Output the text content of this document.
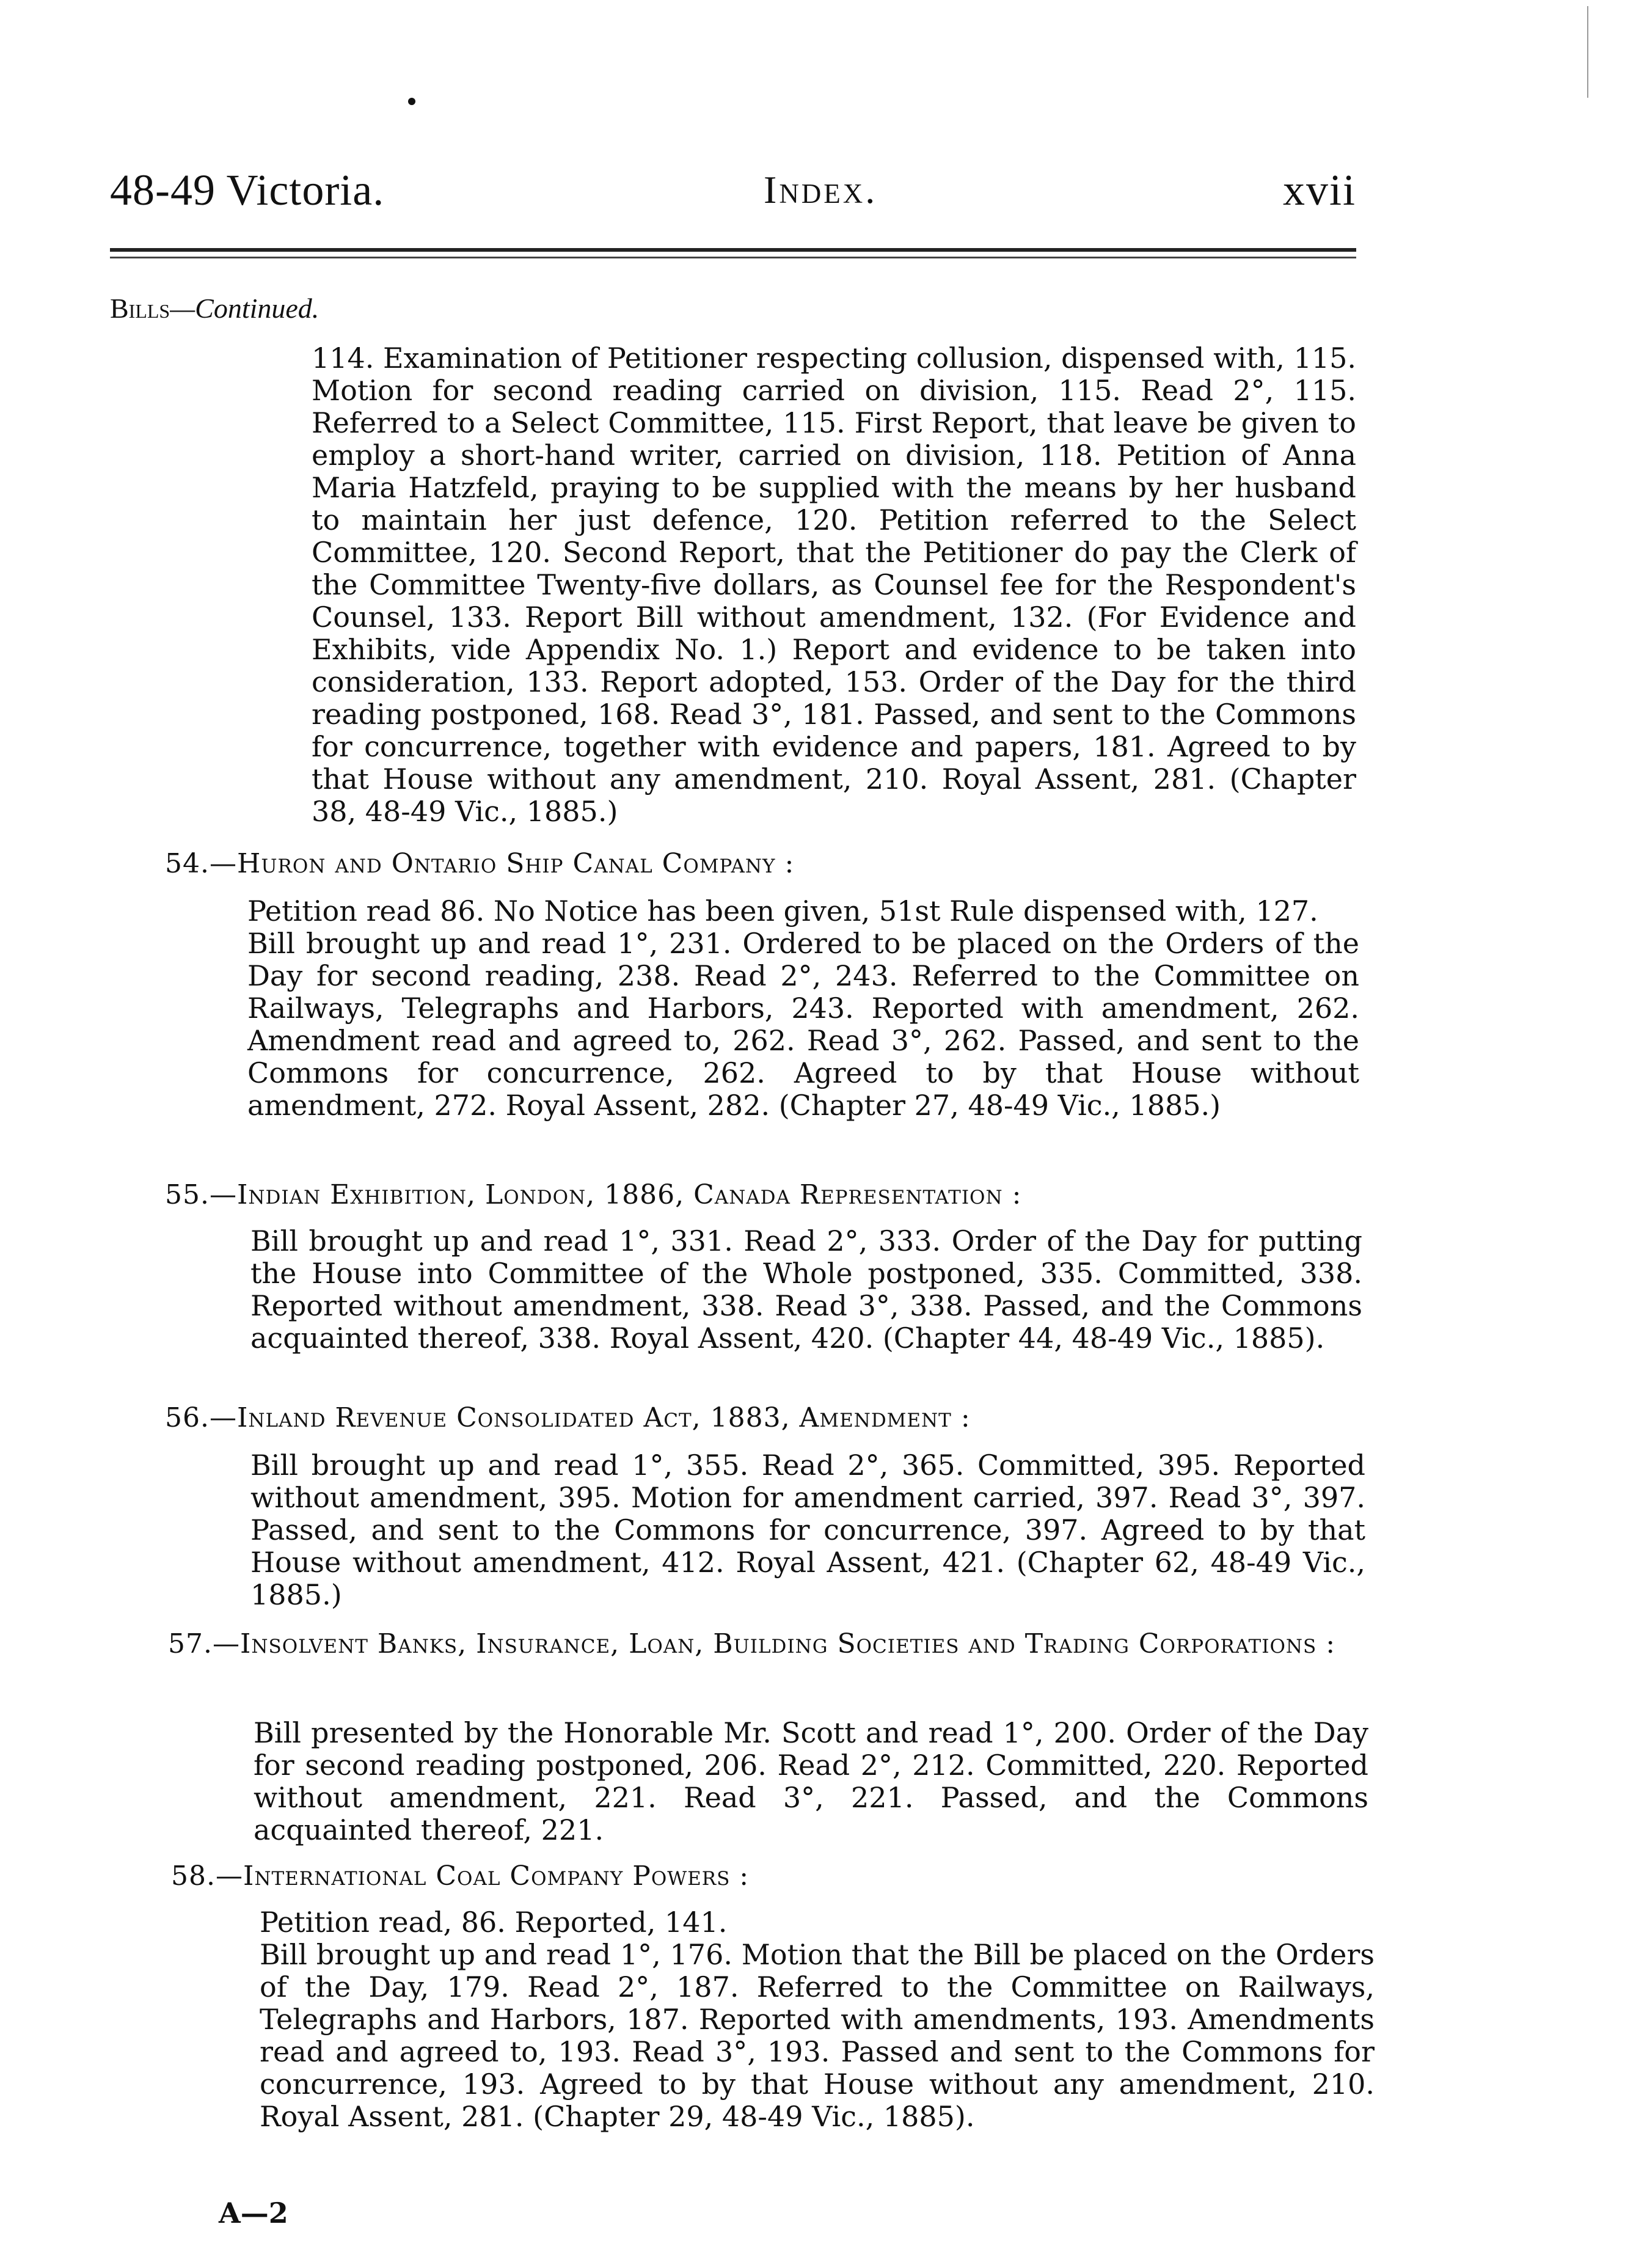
48-49 Victoria.	Index.	xvii
Bills—Continued.

114. Examination of Petitioner respecting collusion, dispensed with, 115. Motion for second reading carried on division, 115. Read 2°, 115. Referred to a Select Committee, 115. First Report, that leave be given to employ a short-hand writer, carried on division, 118. Petition of Anna Maria Hatzfeld, praying to be supplied with the means by her husband to maintain her just defence, 120. Petition referred to the Select Committee, 120. Second Report, that the Petitioner do pay the Clerk of the Committee Twenty-five dollars, as Counsel fee for the Respondent's Counsel, 133. Report Bill without amendment, 132. (For Evidence and Exhibits, vide Appendix No. 1.) Report and evidence to be taken into consideration, 133. Report adopted, 153. Order of the Day for the third reading postponed, 168. Read 3°, 181. Passed, and sent to the Commons for concurrence, together with evidence and papers, 181. Agreed to by that House without any amendment, 210. Royal Assent, 281. (Chapter 38, 48-49 Vic., 1885.)

54.—Huron and Ontario Ship Canal Company :

Petition read 86. No Notice has been given, 51st Rule dispensed with, 127.

Bill brought up and read 1°, 231. Ordered to be placed on the Orders of the Day for second reading, 238. Read 2°, 243. Referred to the Committee on Railways, Telegraphs and Harbors, 243. Reported with amendment, 262. Amendment read and agreed to, 262. Read 3°, 262. Passed, and sent to the Commons for concurrence, 262. Agreed to by that House without amendment, 272. Royal Assent, 282. (Chapter 27, 48-49 Vic., 1885.)

55.—Indian Exhibition, London, 1886, Canada Representation :

Bill brought up and read 1°, 331. Read 2°, 333. Order of the Day for putting the House into Committee of the Whole postponed, 335. Committed, 338. Reported without amendment, 338. Read 3°, 338. Passed, and the Commons acquainted thereof, 338. Royal Assent, 420. (Chapter 44, 48-49 Vic., 1885).

56.—Inland Revenue Consolidated Act, 1883, Amendment :

Bill brought up and read 1°, 355. Read 2°, 365. Committed, 395. Reported without amendment, 395. Motion for amendment carried, 397. Read 3°, 397. Passed, and sent to the Commons for concurrence, 397. Agreed to by that House without amendment, 412. Royal Assent, 421. (Chapter 62, 48-49 Vic., 1885.)

57.—Insolvent Banks, Insurance, Loan, Building Societies and Trading Corporations :

Bill presented by the Honorable Mr. Scott and read 1°, 200. Order of the Day for second reading postponed, 206. Read 2°, 212. Committed, 220. Reported without amendment, 221. Read 3°, 221. Passed, and the Commons acquainted thereof, 221.

58.—International Coal Company Powers :

Petition read, 86. Reported, 141.

Bill brought up and read 1°, 176. Motion that the Bill be placed on the Orders of the Day, 179. Read 2°, 187. Referred to the Committee on Railways, Telegraphs and Harbors, 187. Reported with amendments, 193. Amendments read and agreed to, 193. Read 3°, 193. Passed and sent to the Commons for concurrence, 193. Agreed to by that House without any amendment, 210. Royal Assent, 281. (Chapter 29, 48-49 Vic., 1885).

A—2
